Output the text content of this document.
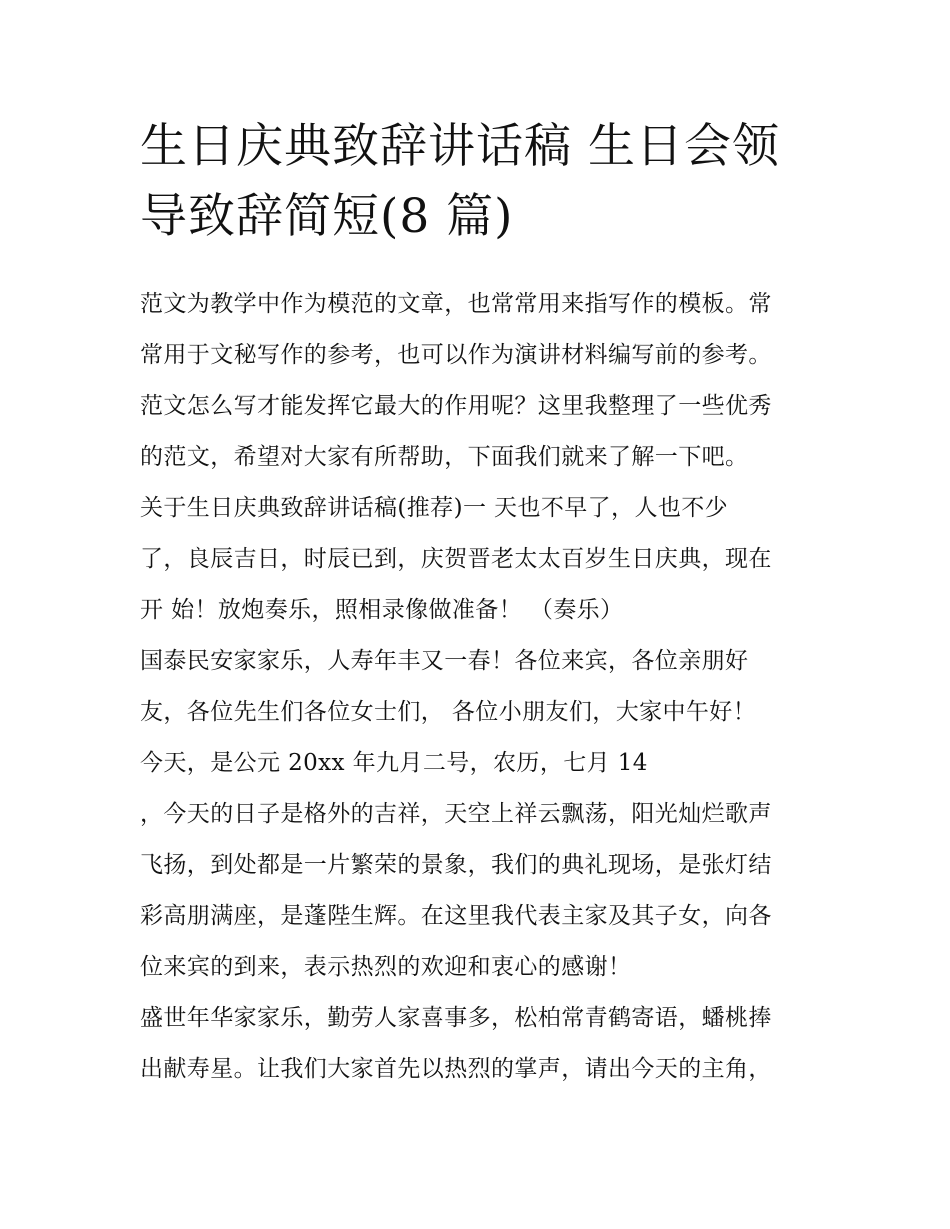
生日庆典致辞讲话稿 生日会领
导致辞简短(8 篇)
范文为教学中作为模范的文章，也常常用来指写作的模板。常
常用于文秘写作的参考，也可以作为演讲材料编写前的参考。
范文怎么写才能发挥它最大的作用呢？这里我整理了一些优秀
的范文，希望对大家有所帮助，下面我们就来了解一下吧。
关于生日庆典致辞讲话稿(推荐)一 天也不早了，人也不少
了，良辰吉日，时辰已到，庆贺晋老太太百岁生日庆典，现在
开 始！放炮奏乐，照相录像做准备！ （奏乐）
国泰民安家家乐，人寿年丰又一春！各位来宾，各位亲朋好
友，各位先生们各位女士们， 各位小朋友们，大家中午好！
今天，是公元 20xx 年九月二号，农历，七月 14
，今天的日子是格外的吉祥，天空上祥云飘荡，阳光灿烂歌声
飞扬，到处都是一片繁荣的景象，我们的典礼现场，是张灯结
彩高朋满座，是蓬陛生辉。在这里我代表主家及其子女，向各
位来宾的到来，表示热烈的欢迎和衷心的感谢！
盛世年华家家乐，勤劳人家喜事多，松柏常青鹤寄语，蟠桃捧
出献寿星。让我们大家首先以热烈的掌声，请出今天的主角，
